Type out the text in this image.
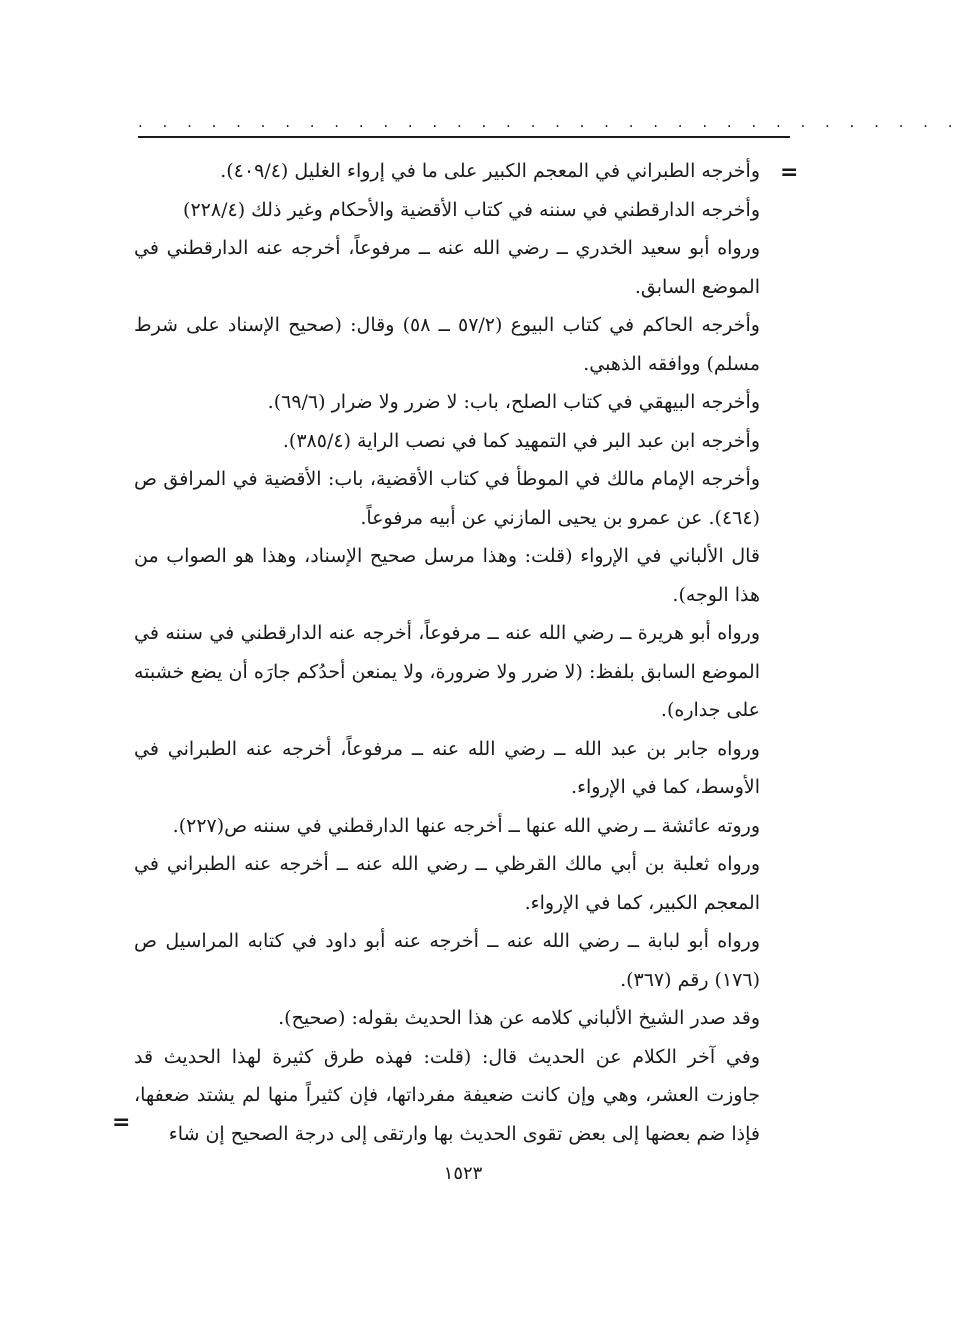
. . . . . . . . . . . . . . . . . . . . . . . . . . . . . . . . . .
=

وأخرجه الطبراني في المعجم الكبير على ما في إرواء الغليل (٤٠٩/٤).

وأخرجه الدارقطني في سننه في كتاب الأقضية والأحكام وغير ذلك (٢٢٨/٤)

ورواه أبو سعيد الخدري ــ رضي الله عنه ــ مرفوعاً، أخرجه عنه الدارقطني في الموضع السابق.

وأخرجه الحاكم في كتاب البيوع (٥٧/٢ ــ ٥٨) وقال: (صحيح الإسناد على شرط مسلم) ووافقه الذهبي.

وأخرجه البيهقي في كتاب الصلح، باب: لا ضرر ولا ضرار (٦٩/٦).

وأخرجه ابن عبد البر في التمهيد كما في نصب الراية (٣٨٥/٤).

وأخرجه الإمام مالك في الموطأ في كتاب الأقضية، باب: الأقضية في المرافق ص (٤٦٤). عن عمرو بن يحيى المازني عن أبيه مرفوعاً.

قال الألباني في الإرواء (قلت: وهذا مرسل صحيح الإسناد، وهذا هو الصواب من هذا الوجه).

ورواه أبو هريرة ــ رضي الله عنه ــ مرفوعاً، أخرجه عنه الدارقطني في سننه في الموضع السابق بلفظ: (لا ضرر ولا ضرورة، ولا يمنعن أحدُكم جارَه أن يضع خشبته على جداره).

ورواه جابر بن عبد الله ــ رضي الله عنه ــ مرفوعاً، أخرجه عنه الطبراني في الأوسط، كما في الإرواء.

وروته عائشة ــ رضي الله عنها ــ أخرجه عنها الدارقطني في سننه ص(٢٢٧).

ورواه ثعلبة بن أبي مالك القرظي ــ رضي الله عنه ــ أخرجه عنه الطبراني في المعجم الكبير، كما في الإرواء.

ورواه أبو لبابة ــ رضي الله عنه ــ أخرجه عنه أبو داود في كتابه المراسيل ص (١٧٦) رقم (٣٦٧).

وقد صدر الشيخ الألباني كلامه عن هذا الحديث بقوله: (صحيح).

وفي آخر الكلام عن الحديث قال: (قلت: فهذه طرق كثيرة لهذا الحديث قد جاوزت العشر، وهي وإن كانت ضعيفة مفرداتها، فإن كثيراً منها لم يشتد ضعفها، فإذا ضم بعضها إلى بعض تقوى الحديث بها وارتقى إلى درجة الصحيح إن شاء

=
١٥٢٣
